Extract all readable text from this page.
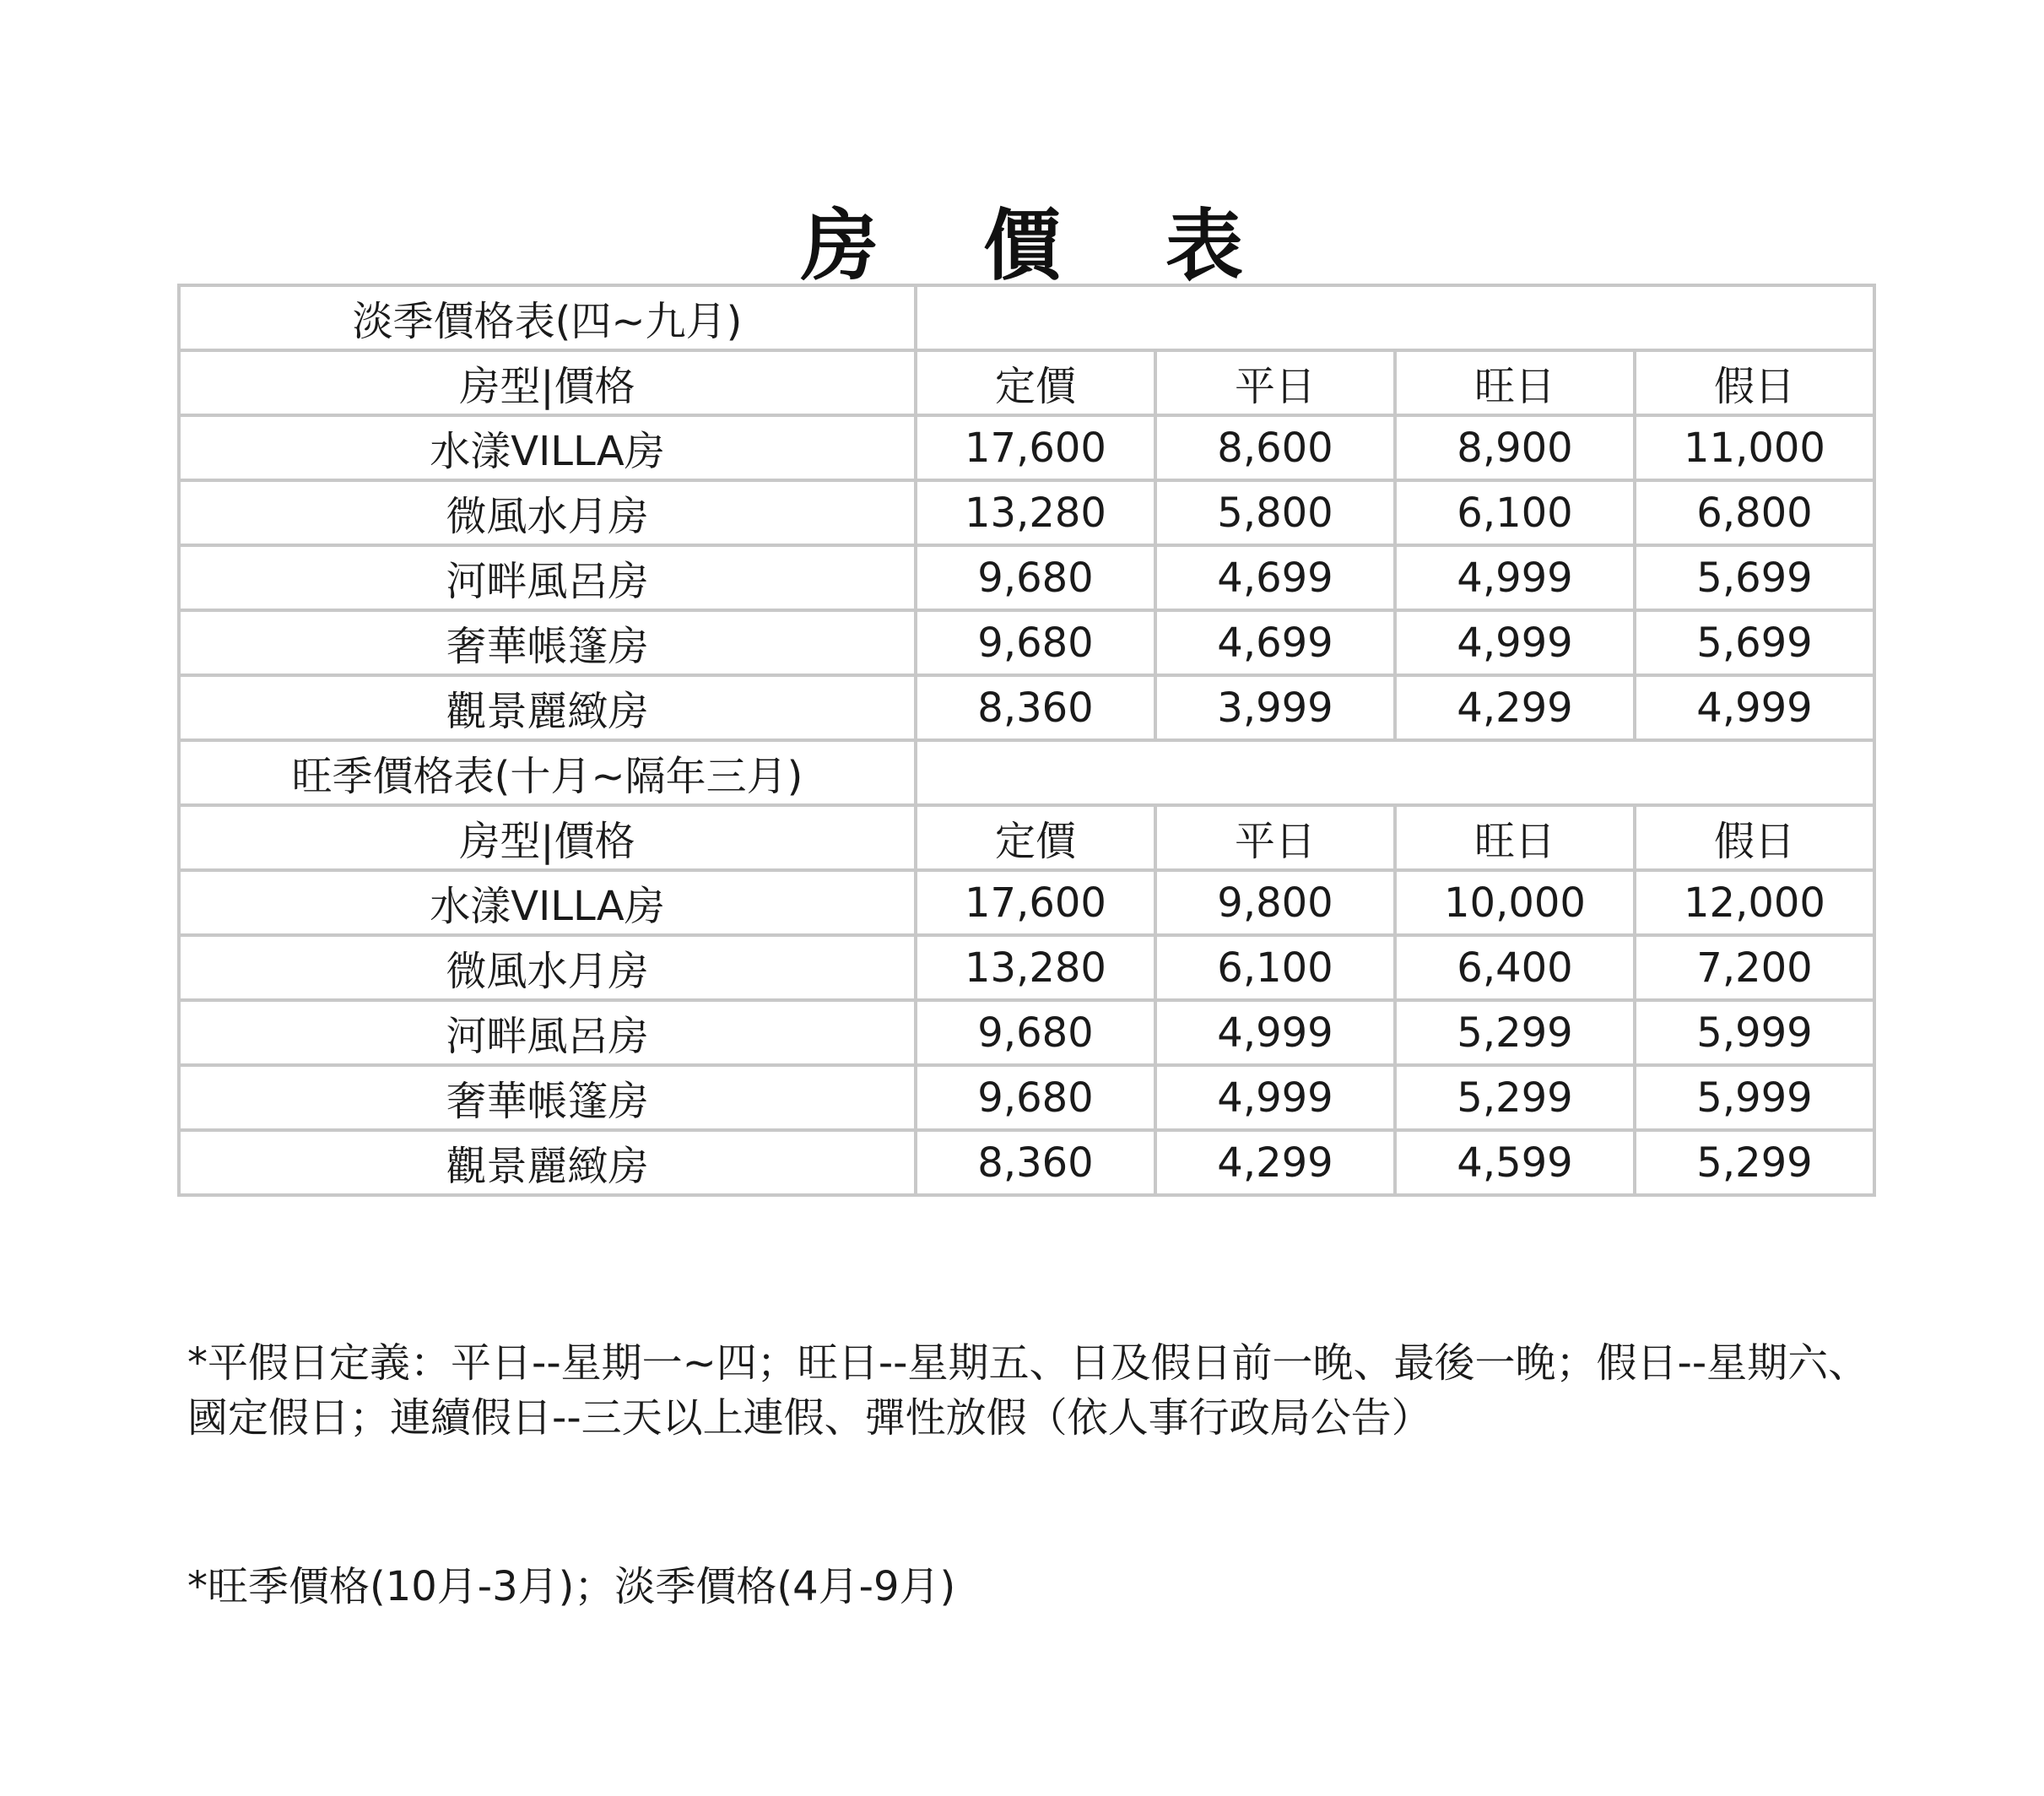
房 價 表
淡季價格表(四~九月)				
房型|價格	定價	平日	旺日	假日
水漾VILLA房	17,600	8,600	8,900	11,000
微風水月房	13,280	5,800	6,100	6,800
河畔風呂房	9,680	4,699	4,999	5,699
奢華帳篷房	9,680	4,699	4,999	5,699
觀景麗緻房	8,360	3,999	4,299	4,999
旺季價格表(十月~隔年三月)				
房型|價格	定價	平日	旺日	假日
水漾VILLA房	17,600	9,800	10,000	12,000
微風水月房	13,280	6,100	6,400	7,200
河畔風呂房	9,680	4,999	5,299	5,999
奢華帳篷房	9,680	4,999	5,299	5,999
觀景麗緻房	8,360	4,299	4,599	5,299
*平假日定義：平日--星期一~四；旺日--星期五、日及假日前一晚、最後一晚；假日--星期六、國定假日；連續假日--三天以上連假、彈性放假（依人事行政局公告）
*旺季價格(10月-3月)；淡季價格(4月-9月)
